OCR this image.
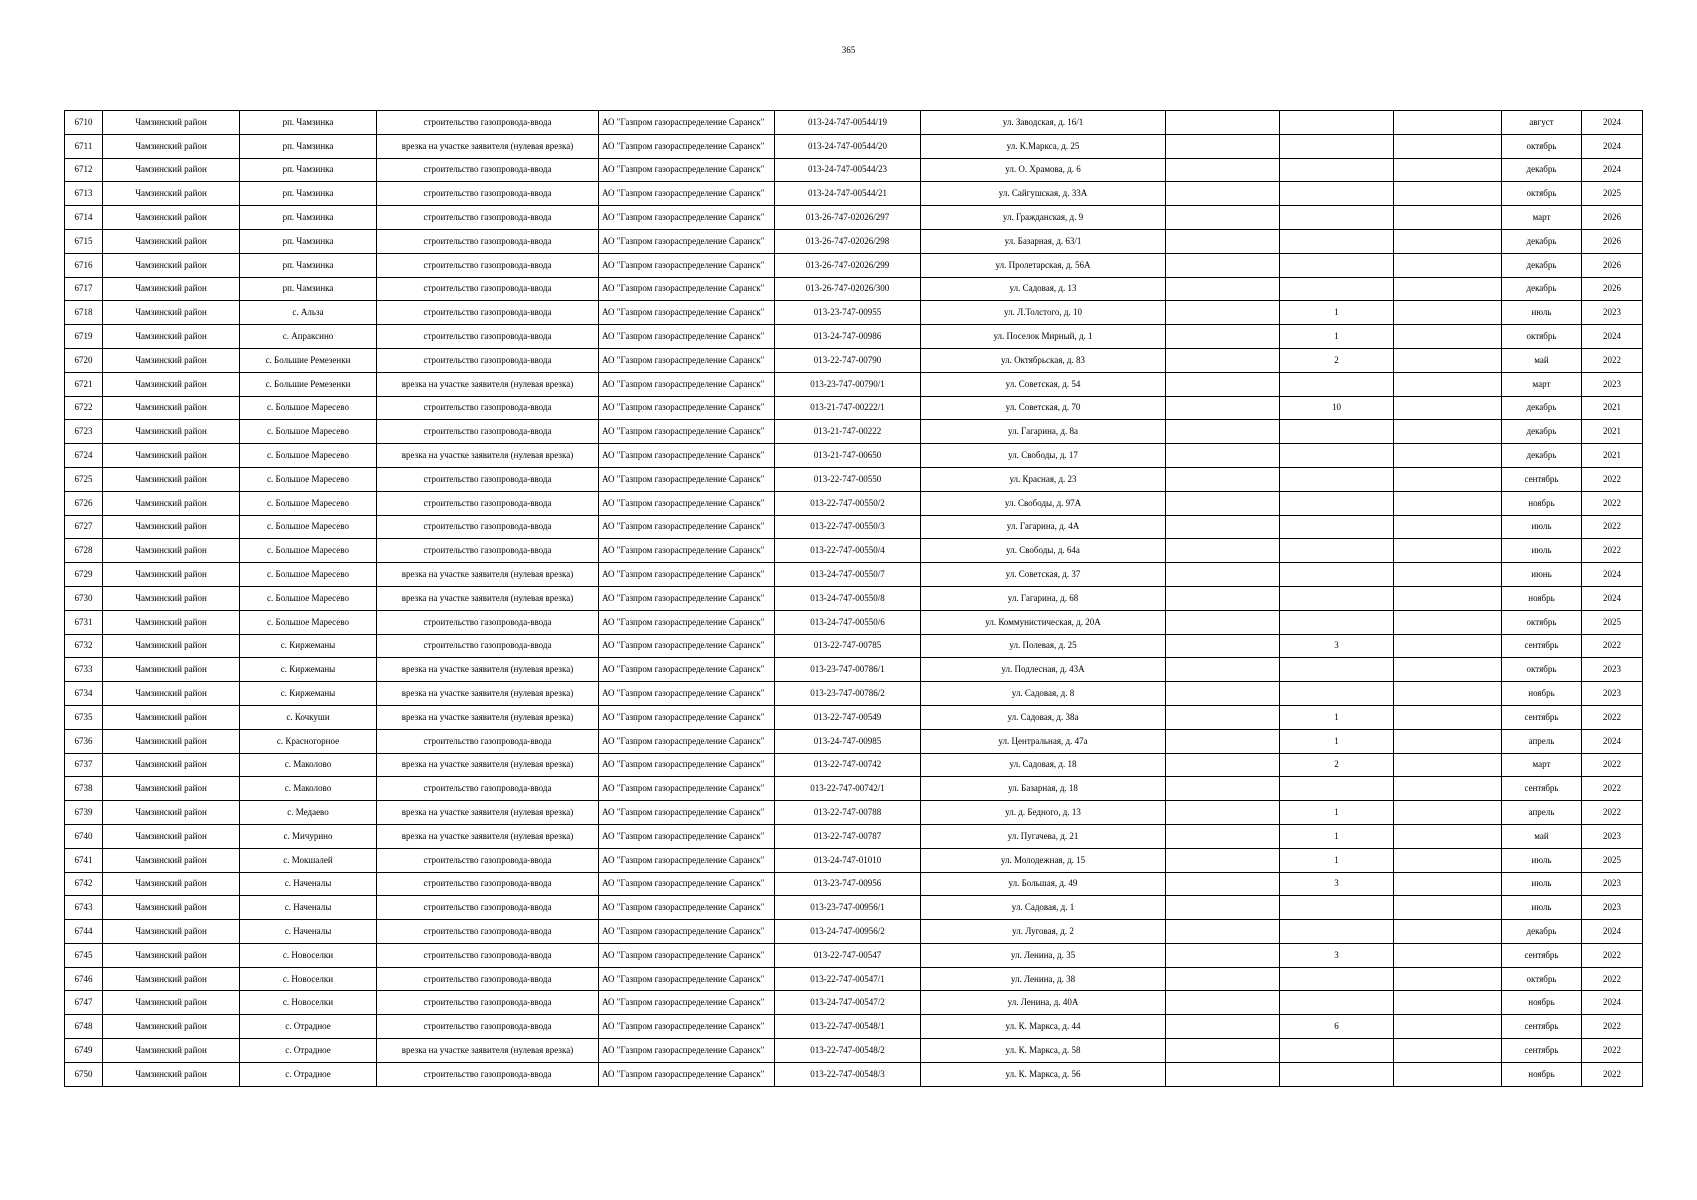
365
6710	Чамзинский район	рп. Чамзинка	строительство газопровода-ввода	АО "Газпром газораспределение Саранск"	013-24-747-00544/19	ул. Заводская, д. 16/1				август	2024
6711	Чамзинский район	рп. Чамзинка	врезка на участке заявителя (нулевая врезка)	АО "Газпром газораспределение Саранск"	013-24-747-00544/20	ул. К.Маркса, д. 25				октябрь	2024
6712	Чамзинский район	рп. Чамзинка	строительство газопровода-ввода	АО "Газпром газораспределение Саранск"	013-24-747-00544/23	ул. О. Храмова, д. 6				декабрь	2024
6713	Чамзинский район	рп. Чамзинка	строительство газопровода-ввода	АО "Газпром газораспределение Саранск"	013-24-747-00544/21	ул. Сайгушская, д. 33А				октябрь	2025
6714	Чамзинский район	рп. Чамзинка	строительство газопровода-ввода	АО "Газпром газораспределение Саранск"	013-26-747-02026/297	ул. Гражданская, д. 9				март	2026
6715	Чамзинский район	рп. Чамзинка	строительство газопровода-ввода	АО "Газпром газораспределение Саранск"	013-26-747-02026/298	ул. Базарная, д. 63/1				декабрь	2026
6716	Чамзинский район	рп. Чамзинка	строительство газопровода-ввода	АО "Газпром газораспределение Саранск"	013-26-747-02026/299	ул. Пролетарская, д. 56А				декабрь	2026
6717	Чамзинский район	рп. Чамзинка	строительство газопровода-ввода	АО "Газпром газораспределение Саранск"	013-26-747-02026/300	ул. Садовая, д. 13				декабрь	2026
6718	Чамзинский район	с. Альза	строительство газопровода-ввода	АО "Газпром газораспределение Саранск"	013-23-747-00955	ул. Л.Толстого, д. 10		1		июль	2023
6719	Чамзинский район	с. Апраксино	строительство газопровода-ввода	АО "Газпром газораспределение Саранск"	013-24-747-00986	ул. Поселок Мирный, д. 1		1		октябрь	2024
6720	Чамзинский район	с. Большие Ремезенки	строительство газопровода-ввода	АО "Газпром газораспределение Саранск"	013-22-747-00790	ул. Октябрьская, д. 83		2		май	2022
6721	Чамзинский район	с. Большие Ремезенки	врезка на участке заявителя (нулевая врезка)	АО "Газпром газораспределение Саранск"	013-23-747-00790/1	ул. Советская, д. 54				март	2023
6722	Чамзинский район	с. Большое Маресево	строительство газопровода-ввода	АО "Газпром газораспределение Саранск"	013-21-747-00222/1	ул. Советская, д. 70		10		декабрь	2021
6723	Чамзинский район	с. Большое Маресево	строительство газопровода-ввода	АО "Газпром газораспределение Саранск"	013-21-747-00222	ул. Гагарина, д. 8а				декабрь	2021
6724	Чамзинский район	с. Большое Маресево	врезка на участке заявителя (нулевая врезка)	АО "Газпром газораспределение Саранск"	013-21-747-00650	ул. Свободы, д. 17				декабрь	2021
6725	Чамзинский район	с. Большое Маресево	строительство газопровода-ввода	АО "Газпром газораспределение Саранск"	013-22-747-00550	ул. Красная, д. 23				сентябрь	2022
6726	Чамзинский район	с. Большое Маресево	строительство газопровода-ввода	АО "Газпром газораспределение Саранск"	013-22-747-00550/2	ул. Свободы, д. 97А				ноябрь	2022
6727	Чамзинский район	с. Большое Маресево	строительство газопровода-ввода	АО "Газпром газораспределение Саранск"	013-22-747-00550/3	ул. Гагарина, д. 4А				июль	2022
6728	Чамзинский район	с. Большое Маресево	строительство газопровода-ввода	АО "Газпром газораспределение Саранск"	013-22-747-00550/4	ул. Свободы, д. 64а				июль	2022
6729	Чамзинский район	с. Большое Маресево	врезка на участке заявителя (нулевая врезка)	АО "Газпром газораспределение Саранск"	013-24-747-00550/7	ул. Советская, д. 37				июнь	2024
6730	Чамзинский район	с. Большое Маресево	врезка на участке заявителя (нулевая врезка)	АО "Газпром газораспределение Саранск"	013-24-747-00550/8	ул. Гагарина, д. 68				ноябрь	2024
6731	Чамзинский район	с. Большое Маресево	строительство газопровода-ввода	АО "Газпром газораспределение Саранск"	013-24-747-00550/6	ул. Коммунистическая, д. 20А				октябрь	2025
6732	Чамзинский район	с. Киржеманы	строительство газопровода-ввода	АО "Газпром газораспределение Саранск"	013-22-747-00785	ул. Полевая, д. 25		3		сентябрь	2022
6733	Чамзинский район	с. Киржеманы	врезка на участке заявителя (нулевая врезка)	АО "Газпром газораспределение Саранск"	013-23-747-00786/1	ул. Подлесная, д. 43А				октябрь	2023
6734	Чамзинский район	с. Киржеманы	врезка на участке заявителя (нулевая врезка)	АО "Газпром газораспределение Саранск"	013-23-747-00786/2	ул. Садовая, д. 8				ноябрь	2023
6735	Чамзинский район	с. Кочкуши	врезка на участке заявителя (нулевая врезка)	АО "Газпром газораспределение Саранск"	013-22-747-00549	ул. Садовая, д. 38а		1		сентябрь	2022
6736	Чамзинский район	с. Красногорное	строительство газопровода-ввода	АО "Газпром газораспределение Саранск"	013-24-747-00985	ул. Центральная, д. 47а		1		апрель	2024
6737	Чамзинский район	с. Маколово	врезка на участке заявителя (нулевая врезка)	АО "Газпром газораспределение Саранск"	013-22-747-00742	ул. Садовая, д. 18		2		март	2022
6738	Чамзинский район	с. Маколово	строительство газопровода-ввода	АО "Газпром газораспределение Саранск"	013-22-747-00742/1	ул. Базарная, д. 18				сентябрь	2022
6739	Чамзинский район	с. Медаево	врезка на участке заявителя (нулевая врезка)	АО "Газпром газораспределение Саранск"	013-22-747-00788	ул. д. Бедного, д. 13		1		апрель	2022
6740	Чамзинский район	с. Мичурино	врезка на участке заявителя (нулевая врезка)	АО "Газпром газораспределение Саранск"	013-22-747-00787	ул. Пугачева, д. 21		1		май	2023
6741	Чамзинский район	с. Мокшалей	строительство газопровода-ввода	АО "Газпром газораспределение Саранск"	013-24-747-01010	ул. Молодежная, д. 15		1		июль	2025
6742	Чамзинский район	с. Наченалы	строительство газопровода-ввода	АО "Газпром газораспределение Саранск"	013-23-747-00956	ул. Большая, д. 49		3		июль	2023
6743	Чамзинский район	с. Наченалы	строительство газопровода-ввода	АО "Газпром газораспределение Саранск"	013-23-747-00956/1	ул. Садовая, д. 1				июль	2023
6744	Чамзинский район	с. Наченалы	строительство газопровода-ввода	АО "Газпром газораспределение Саранск"	013-24-747-00956/2	ул. Луговая, д. 2				декабрь	2024
6745	Чамзинский район	с. Новоселки	строительство газопровода-ввода	АО "Газпром газораспределение Саранск"	013-22-747-00547	ул. Ленина, д. 35		3		сентябрь	2022
6746	Чамзинский район	с. Новоселки	строительство газопровода-ввода	АО "Газпром газораспределение Саранск"	013-22-747-00547/1	ул. Ленина, д. 38				октябрь	2022
6747	Чамзинский район	с. Новоселки	строительство газопровода-ввода	АО "Газпром газораспределение Саранск"	013-24-747-00547/2	ул. Ленина, д. 40А				ноябрь	2024
6748	Чамзинский район	с. Отрадное	строительство газопровода-ввода	АО "Газпром газораспределение Саранск"	013-22-747-00548/1	ул. К. Маркса, д. 44		6		сентябрь	2022
6749	Чамзинский район	с. Отрадное	врезка на участке заявителя (нулевая врезка)	АО "Газпром газораспределение Саранск"	013-22-747-00548/2	ул. К. Маркса, д. 58				сентябрь	2022
6750	Чамзинский район	с. Отрадное	строительство газопровода-ввода	АО "Газпром газораспределение Саранск"	013-22-747-00548/3	ул. К. Маркса, д. 56				ноябрь	2022
